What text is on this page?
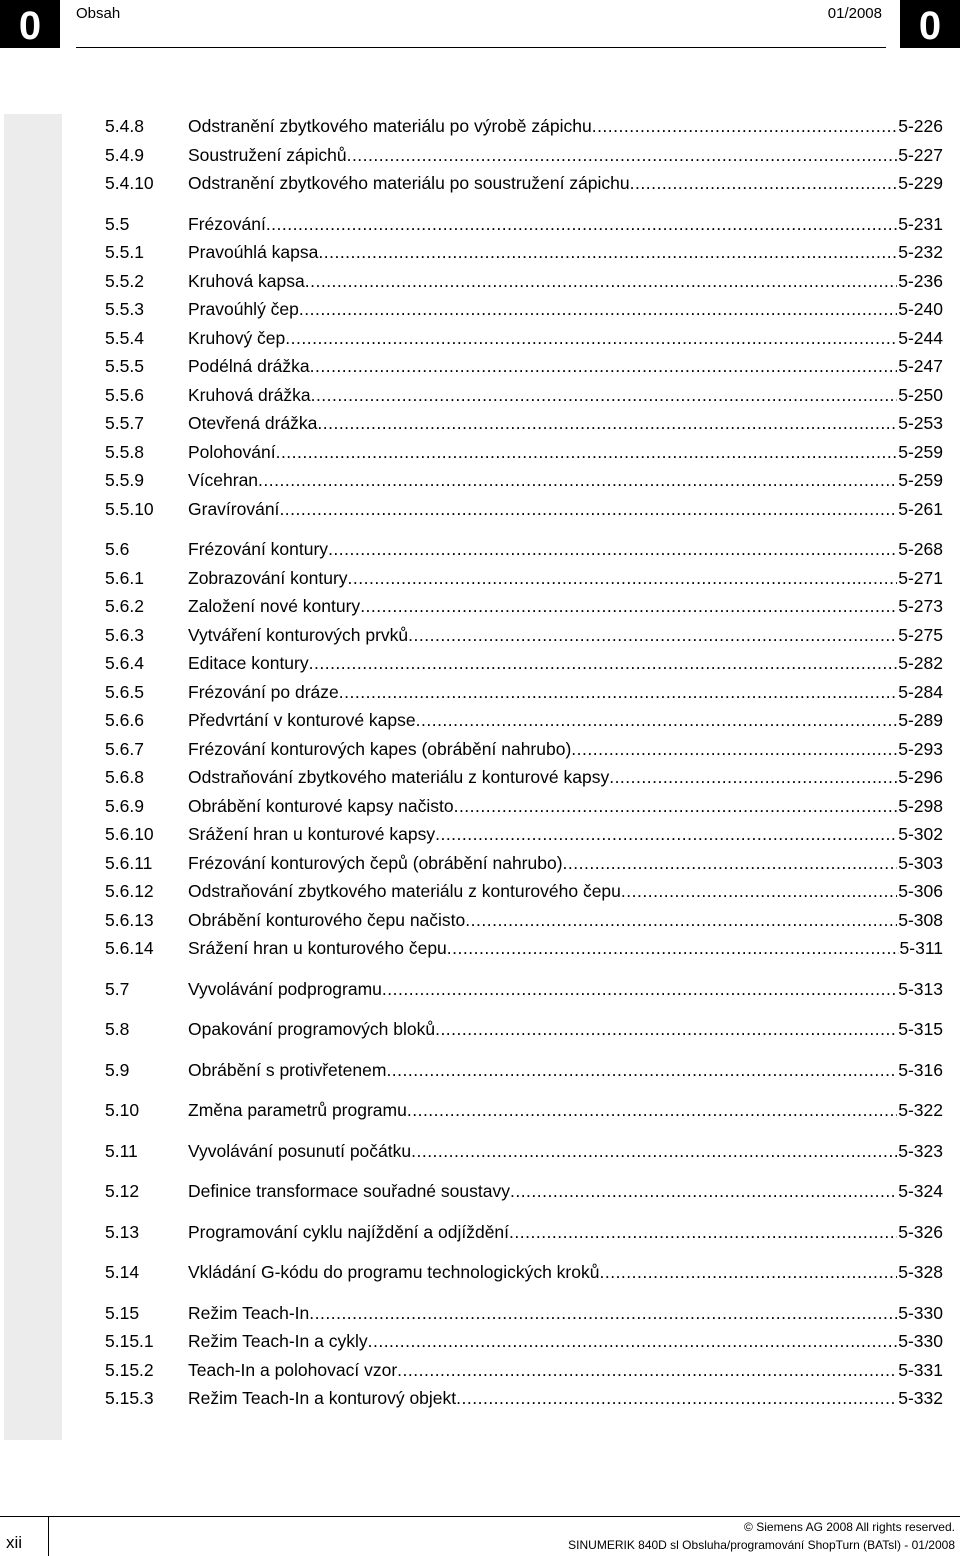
0	Obsah	01/2008 0
5.4.8	Odstranění zbytkového materiálu po výrobě zápichu .....	5-226
5.4.9	Soustružení zápichů .....	5-227
5.4.10	Odstranění zbytkového materiálu po soustružení zápichu .....	5-229
5.5	Frézování .....	5-231
5.5.1	Pravoúhlá kapsa .....	5-232
5.5.2	Kruhová kapsa .....	5-236
5.5.3	Pravoúhlý čep .....	5-240
5.5.4	Kruhový čep .....	5-244
5.5.5	Podélná drážka .....	5-247
5.5.6	Kruhová drážka .....	5-250
5.5.7	Otevřená drážka .....	5-253
5.5.8	Polohování .....	5-259
5.5.9	Vícehran .....	5-259
5.5.10	Gravírování .....	5-261
5.6	Frézování kontury .....	5-268
5.6.1	Zobrazování kontury .....	5-271
5.6.2	Založení nové kontury .....	5-273
5.6.3	Vytváření konturových prvků .....	5-275
5.6.4	Editace kontury .....	5-282
5.6.5	Frézování po dráze .....	5-284
5.6.6	Předvrtání v konturové kapse .....	5-289
5.6.7	Frézování konturových kapes (obrábění nahrubo) .....	5-293
5.6.8	Odstraňování zbytkového materiálu z konturové kapsy .....	5-296
5.6.9	Obrábění konturové kapsy načisto .....	5-298
5.6.10	Srážení hran u konturové kapsy .....	5-302
5.6.11	Frézování konturových čepů (obrábění nahrubo) .....	5-303
5.6.12	Odstraňování zbytkového materiálu z konturového čepu .....	5-306
5.6.13	Obrábění konturového čepu načisto .....	5-308
5.6.14	Srážení hran u konturového čepu .....	5-311
5.7	Vyvolávání podprogramu .....	5-313
5.8	Opakování programových bloků .....	5-315
5.9	Obrábění s protivřetenem .....	5-316
5.10	Změna parametrů programu .....	5-322
5.11	Vyvolávání posunutí počátku .....	5-323
5.12	Definice transformace souřadné soustavy .....	5-324
5.13	Programování cyklu najíždění a odjíždění .....	5-326
5.14	Vkládání G-kódu do programu technologických kroků .....	5-328
5.15	Režim Teach-In .....	5-330
5.15.1	Režim Teach-In a cykly .....	5-330
5.15.2	Teach-In a polohovací vzor .....	5-331
5.15.3	Režim Teach-In a konturový objekt .....	5-332
xii
© Siemens AG 2008 All rights reserved.
SINUMERIK 840D sl Obsluha/programování ShopTurn (BATsl) - 01/2008
